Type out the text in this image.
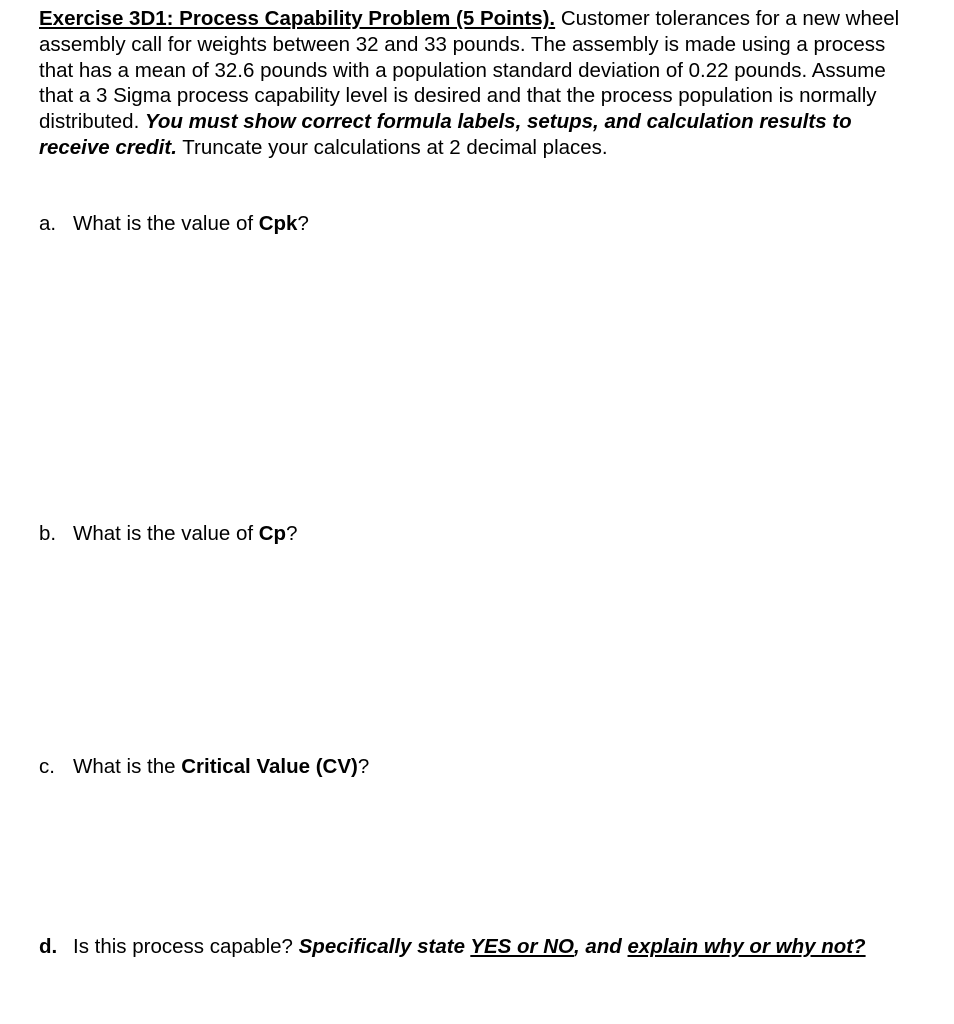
Exercise 3D1: Process Capability Problem (5 Points). Customer tolerances for a new wheel assembly call for weights between 32 and 33 pounds. The assembly is made using a process that has a mean of 32.6 pounds with a population standard deviation of 0.22 pounds. Assume that a 3 Sigma process capability level is desired and that the process population is normally distributed. You must show correct formula labels, setups, and calculation results to receive credit. Truncate your calculations at 2 decimal places.
a. What is the value of Cpk?
b. What is the value of Cp?
c. What is the Critical Value (CV)?
d. Is this process capable? Specifically state YES or NO, and explain why or why not?
